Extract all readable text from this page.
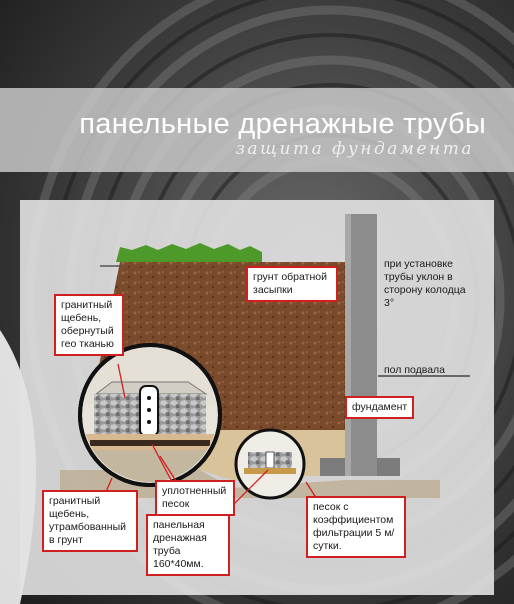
панельные дренажные трубы
защита фундамента
грунт обратной засыпки
гранитный щебень, обернутый гео тканью
фундамент
гранитный щебень, утрамбованный в грунт
уплотненный песок
панельная дренажная труба 160*40мм.
песок с коэффициентом фильтрации 5 м/сутки.
при установке трубы уклон в сторону колодца 3°
пол подвала
